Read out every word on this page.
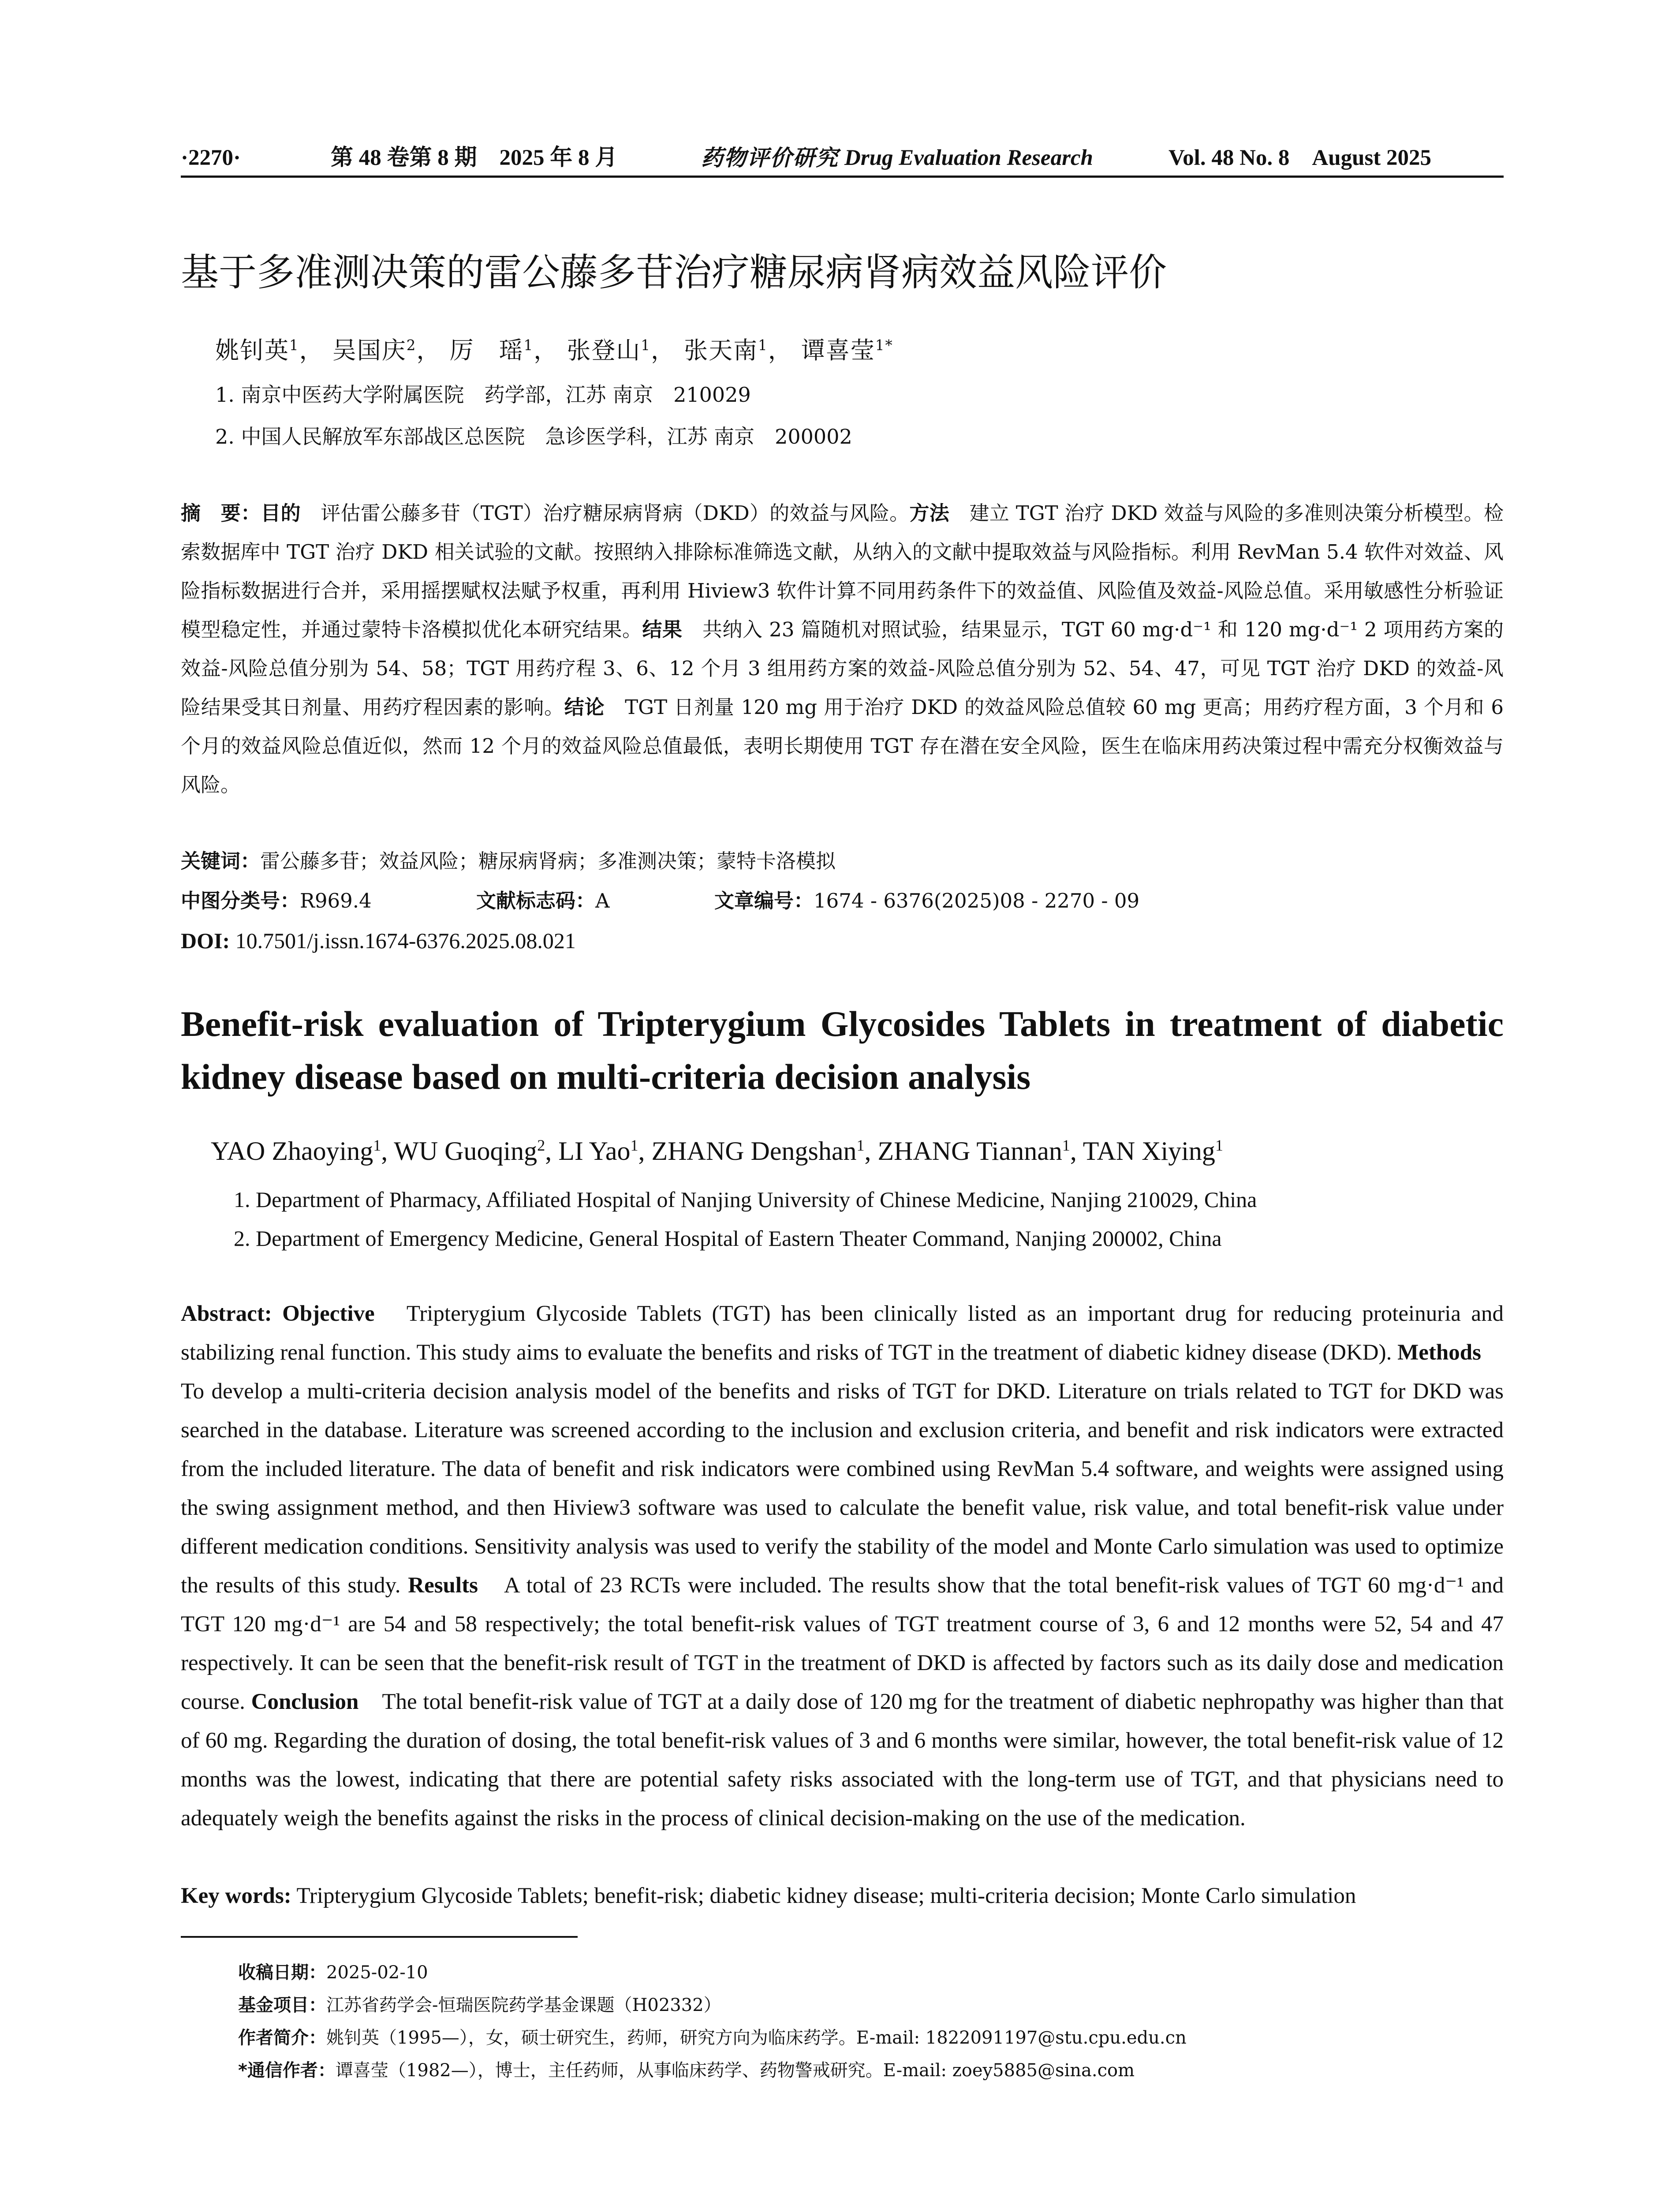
·2270·	第 48 卷第 8 期　2025 年 8 月	药物评价研究 Drug Evaluation Research	Vol. 48 No. 8　August 2025
基于多准测决策的雷公藤多苷治疗糖尿病肾病效益风险评价
姚钊英$^1$， 吴国庆$^2$， 厉　瑶$^1$， 张登山$^1$， 张天南$^1$， 谭喜莹$^{1*}$
1. 南京中医药大学附属医院　药学部，江苏 南京　210029
2. 中国人民解放军东部战区总医院　急诊医学科，江苏 南京　200002
摘　要：目的　评估雷公藤多苷（TGT）治疗糖尿病肾病（DKD）的效益与风险。方法　建立 TGT 治疗 DKD 效益与风险的多准则决策分析模型。检索数据库中 TGT 治疗 DKD 相关试验的文献。按照纳入排除标准筛选文献，从纳入的文献中提取效益与风险指标。利用 RevMan 5.4 软件对效益、风险指标数据进行合并，采用摇摆赋权法赋予权重，再利用 Hiview3 软件计算不同用药条件下的效益值、风险值及效益-风险总值。采用敏感性分析验证模型稳定性，并通过蒙特卡洛模拟优化本研究结果。结果　共纳入 23 篇随机对照试验，结果显示，TGT 60 mg·d⁻¹ 和 120 mg·d⁻¹ 2 项用药方案的效益-风险总值分别为 54、58；TGT 用药疗程 3、6、12 个月 3 组用药方案的效益-风险总值分别为 52、54、47，可见 TGT 治疗 DKD 的效益-风险结果受其日剂量、用药疗程因素的影响。结论　TGT 日剂量 120 mg 用于治疗 DKD 的效益风险总值较 60 mg 更高；用药疗程方面，3 个月和 6 个月的效益风险总值近似，然而 12 个月的效益风险总值最低，表明长期使用 TGT 存在潜在安全风险，医生在临床用药决策过程中需充分权衡效益与风险。
关键词：雷公藤多苷；效益风险；糖尿病肾病；多准测决策；蒙特卡洛模拟
中图分类号：R969.4	文献标志码：A	文章编号：1674 - 6376(2025)08 - 2270 - 09
DOI: 10.7501/j.issn.1674-6376.2025.08.021
Benefit-risk evaluation of Tripterygium Glycosides Tablets in treatment of diabetic kidney disease based on multi-criteria decision analysis
YAO Zhaoying$^1$, WU Guoqing$^2$, LI Yao$^1$, ZHANG Dengshan$^1$, ZHANG Tiannan$^1$, TAN Xiying$^1$
1. Department of Pharmacy, Affiliated Hospital of Nanjing University of Chinese Medicine, Nanjing 210029, China
2. Department of Emergency Medicine, General Hospital of Eastern Theater Command, Nanjing 200002, China
Abstract: Objective　Tripterygium Glycoside Tablets (TGT) has been clinically listed as an important drug for reducing proteinuria and stabilizing renal function. This study aims to evaluate the benefits and risks of TGT in the treatment of diabetic kidney disease (DKD). Methods　To develop a multi-criteria decision analysis model of the benefits and risks of TGT for DKD. Literature on trials related to TGT for DKD was searched in the database. Literature was screened according to the inclusion and exclusion criteria, and benefit and risk indicators were extracted from the included literature. The data of benefit and risk indicators were combined using RevMan 5.4 software, and weights were assigned using the swing assignment method, and then Hiview3 software was used to calculate the benefit value, risk value, and total benefit-risk value under different medication conditions. Sensitivity analysis was used to verify the stability of the model and Monte Carlo simulation was used to optimize the results of this study. Results　A total of 23 RCTs were included. The results show that the total benefit-risk values of TGT 60 mg·d⁻¹ and TGT 120 mg·d⁻¹ are 54 and 58 respectively; the total benefit-risk values of TGT treatment course of 3, 6 and 12 months were 52, 54 and 47 respectively. It can be seen that the benefit-risk result of TGT in the treatment of DKD is affected by factors such as its daily dose and medication course. Conclusion　The total benefit-risk value of TGT at a daily dose of 120 mg for the treatment of diabetic nephropathy was higher than that of 60 mg. Regarding the duration of dosing, the total benefit-risk values of 3 and 6 months were similar, however, the total benefit-risk value of 12 months was the lowest, indicating that there are potential safety risks associated with the long-term use of TGT, and that physicians need to adequately weigh the benefits against the risks in the process of clinical decision-making on the use of the medication.
Key words: Tripterygium Glycoside Tablets; benefit-risk; diabetic kidney disease; multi-criteria decision; Monte Carlo simulation
收稿日期：2025-02-10
基金项目：江苏省药学会-恒瑞医院药学基金课题（H02332）
作者简介：姚钊英（1995—），女，硕士研究生，药师，研究方向为临床药学。E-mail: 1822091197@stu.cpu.edu.cn
*通信作者：谭喜莹（1982—），博士，主任药师，从事临床药学、药物警戒研究。E-mail: zoey5885@sina.com
